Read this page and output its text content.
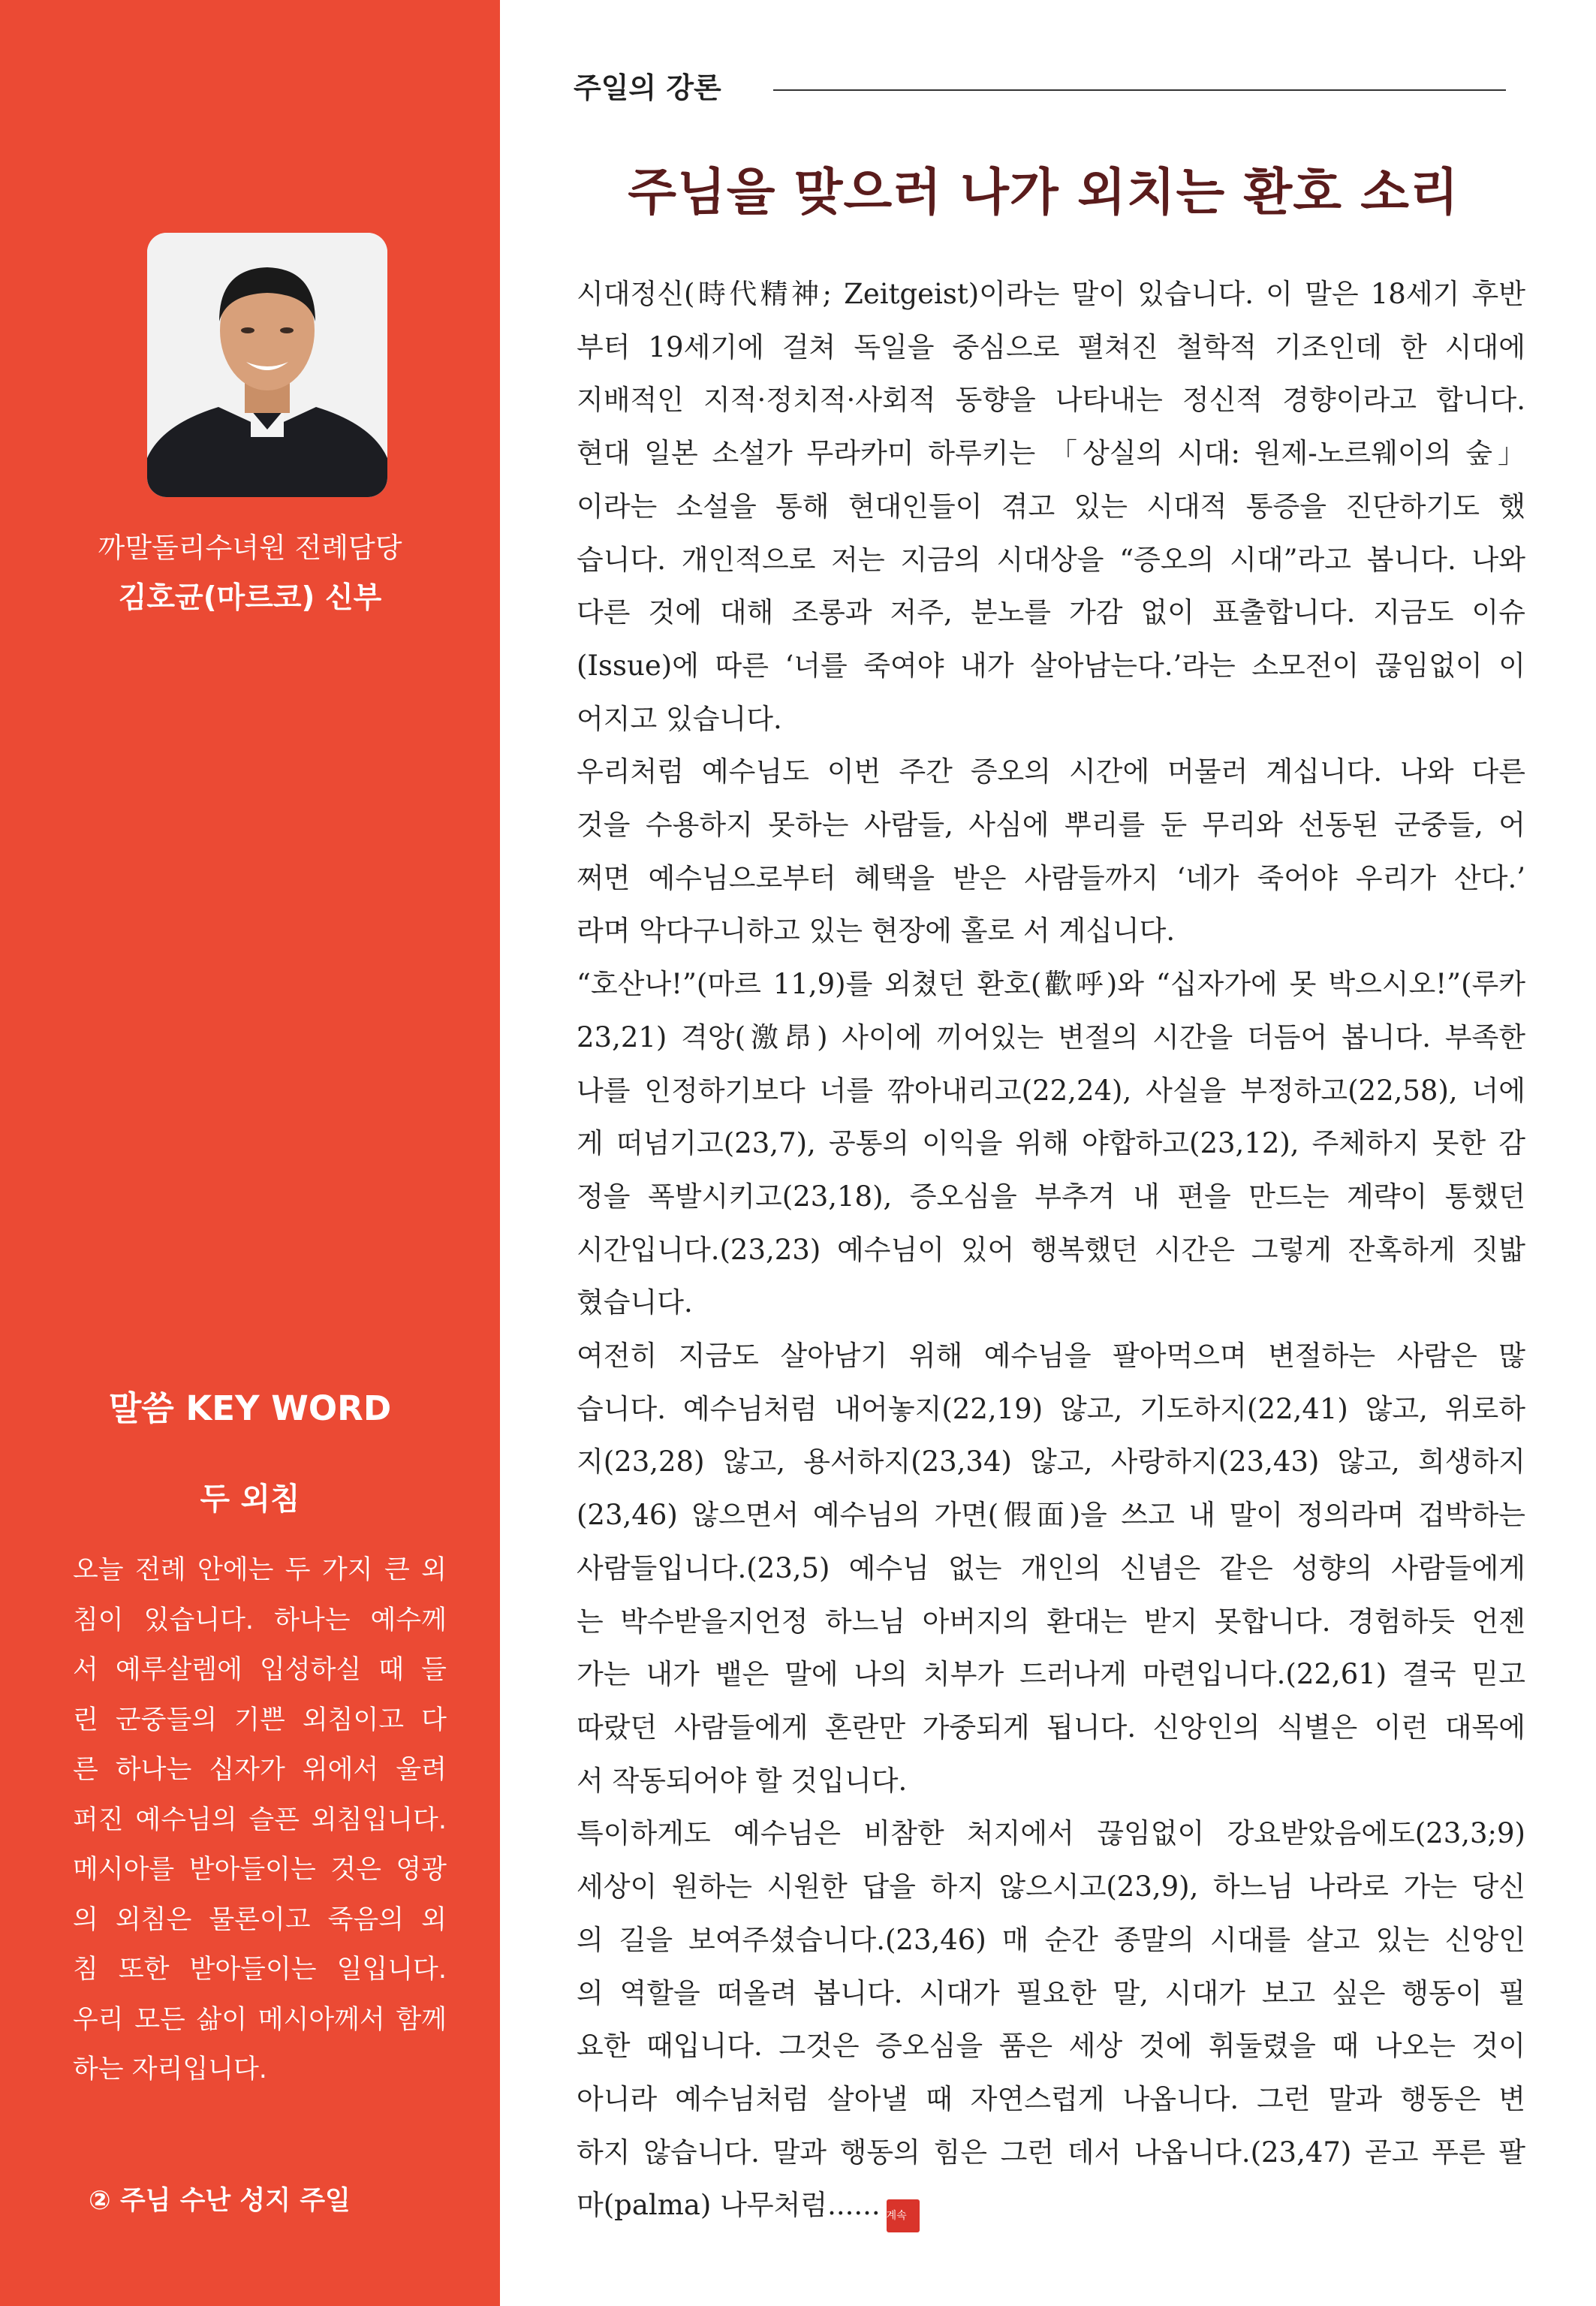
까말돌리수녀원 전례담당
김호균(마르코) 신부
말씀 KEY WORD
두 외침
오늘 전례 안에는 두 가지 큰 외
침이 있습니다. 하나는 예수께
서 예루살렘에 입성하실 때 들
린 군중들의 기쁜 외침이고 다
른 하나는 십자가 위에서 울려
퍼진 예수님의 슬픈 외침입니다.
메시아를 받아들이는 것은 영광
의 외침은 물론이고 죽음의 외
침 또한 받아들이는 일입니다.
우리 모든 삶이 메시아께서 함께
하는 자리입니다.
② 주님 수난 성지 주일
주일의 강론
주님을 맞으러 나가 외치는 환호 소리
시대정신(時代精神; Zeitgeist)이라는 말이 있습니다. 이 말은 18세기 후반
부터 19세기에 걸쳐 독일을 중심으로 펼쳐진 철학적 기조인데 한 시대에
지배적인 지적·정치적·사회적 동향을 나타내는 정신적 경향이라고 합니다.
현대 일본 소설가 무라카미 하루키는 「상실의 시대: 원제-노르웨이의 숲」
이라는 소설을 통해 현대인들이 겪고 있는 시대적 통증을 진단하기도 했
습니다. 개인적으로 저는 지금의 시대상을 “증오의 시대”라고 봅니다. 나와
다른 것에 대해 조롱과 저주, 분노를 가감 없이 표출합니다. 지금도 이슈
(Issue)에 따른 ‘너를 죽여야 내가 살아남는다.’라는 소모전이 끊임없이 이
어지고 있습니다.
우리처럼 예수님도 이번 주간 증오의 시간에 머물러 계십니다. 나와 다른
것을 수용하지 못하는 사람들, 사심에 뿌리를 둔 무리와 선동된 군중들, 어
쩌면 예수님으로부터 혜택을 받은 사람들까지 ‘네가 죽어야 우리가 산다.’
라며 악다구니하고 있는 현장에 홀로 서 계십니다.
“호산나!”(마르 11,9)를 외쳤던 환호(歡呼)와 “십자가에 못 박으시오!”(루카
23,21) 격앙(激昂) 사이에 끼어있는 변절의 시간을 더듬어 봅니다. 부족한
나를 인정하기보다 너를 깎아내리고(22,24), 사실을 부정하고(22,58), 너에
게 떠넘기고(23,7), 공통의 이익을 위해 야합하고(23,12), 주체하지 못한 감
정을 폭발시키고(23,18), 증오심을 부추겨 내 편을 만드는 계략이 통했던
시간입니다.(23,23) 예수님이 있어 행복했던 시간은 그렇게 잔혹하게 짓밟
혔습니다.
여전히 지금도 살아남기 위해 예수님을 팔아먹으며 변절하는 사람은 많
습니다. 예수님처럼 내어놓지(22,19) 않고, 기도하지(22,41) 않고, 위로하
지(23,28) 않고, 용서하지(23,34) 않고, 사랑하지(23,43) 않고, 희생하지
(23,46) 않으면서 예수님의 가면(假面)을 쓰고 내 말이 정의라며 겁박하는
사람들입니다.(23,5) 예수님 없는 개인의 신념은 같은 성향의 사람들에게
는 박수받을지언정 하느님 아버지의 환대는 받지 못합니다. 경험하듯 언젠
가는 내가 뱉은 말에 나의 치부가 드러나게 마련입니다.(22,61) 결국 믿고
따랐던 사람들에게 혼란만 가중되게 됩니다. 신앙인의 식별은 이런 대목에
서 작동되어야 할 것입니다.
특이하게도 예수님은 비참한 처지에서 끊임없이 강요받았음에도(23,3;9)
세상이 원하는 시원한 답을 하지 않으시고(23,9), 하느님 나라로 가는 당신
의 길을 보여주셨습니다.(23,46) 매 순간 종말의 시대를 살고 있는 신앙인
의 역할을 떠올려 봅니다. 시대가 필요한 말, 시대가 보고 싶은 행동이 필
요한 때입니다. 그것은 증오심을 품은 세상 것에 휘둘렸을 때 나오는 것이
아니라 예수님처럼 살아낼 때 자연스럽게 나옵니다. 그런 말과 행동은 변
하지 않습니다. 말과 행동의 힘은 그런 데서 나옵니다.(23,47) 곧고 푸른 팔
마(palma) 나무처럼...... 계속
